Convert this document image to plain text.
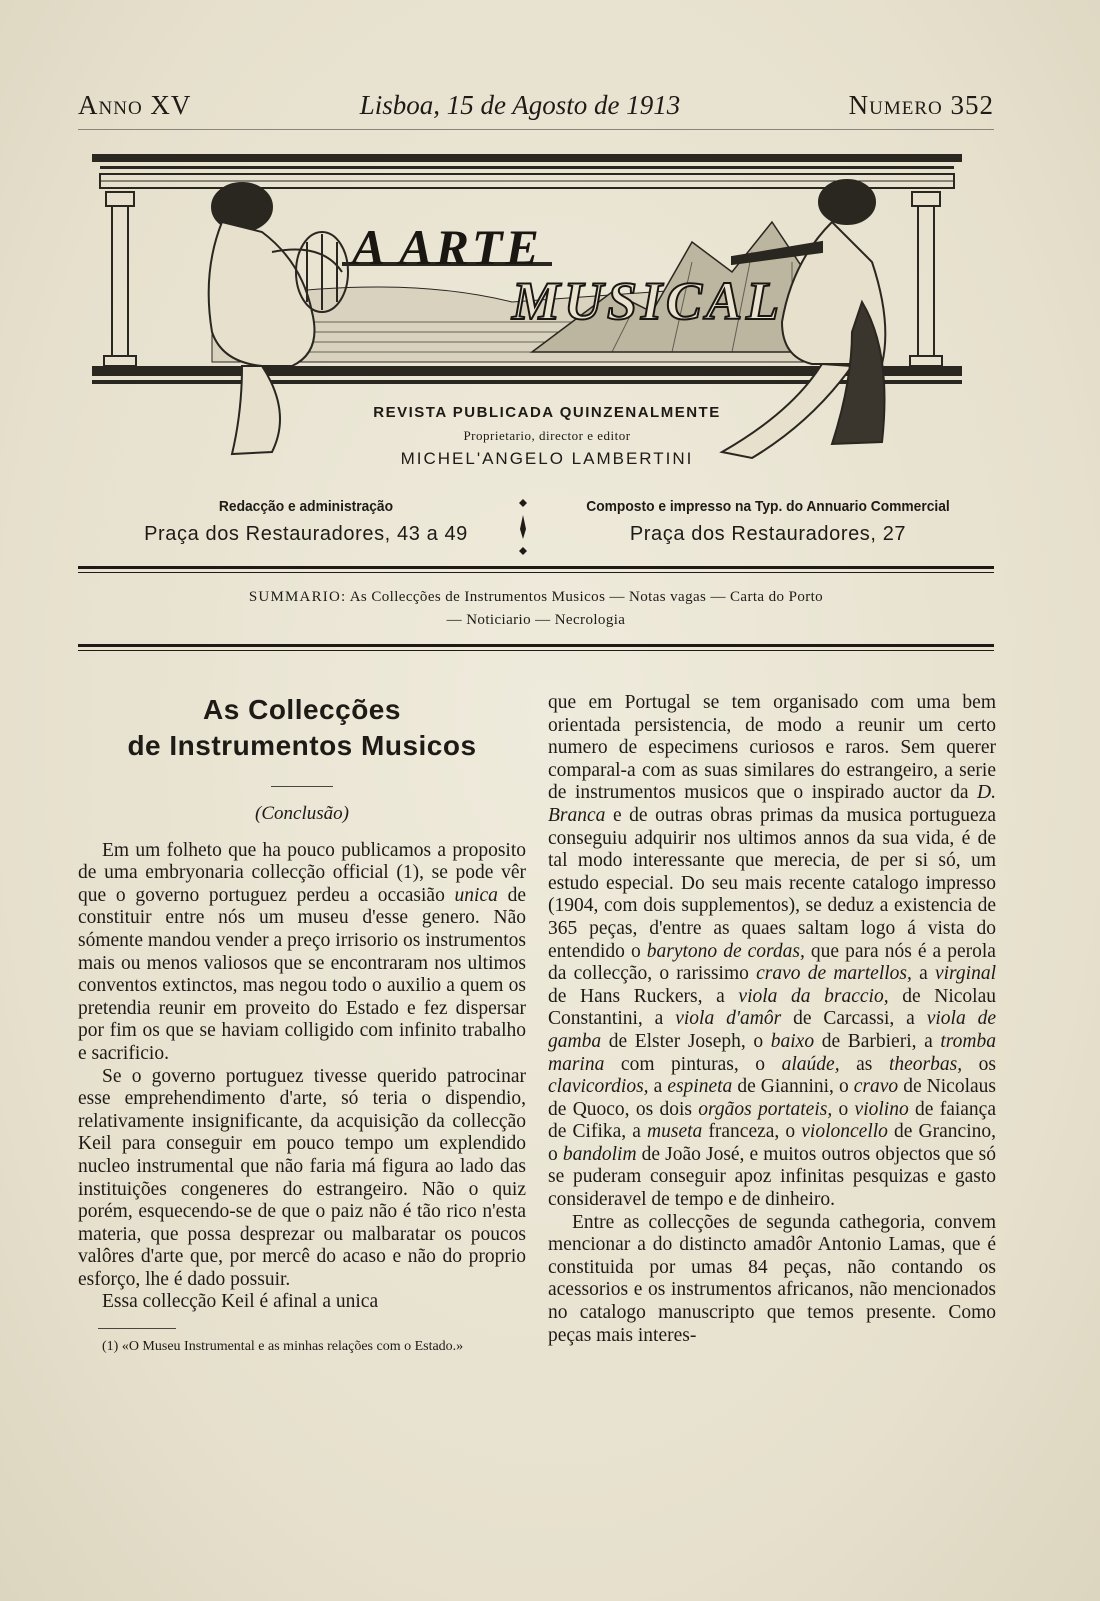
Anno XV	Lisboa, 15 de Agosto de 1913	Numero 352
A ARTE
MUSICAL
REVISTA PUBLICADA QUINZENALMENTE
Proprietario, director e editor
MICHEL'ANGELO LAMBERTINI
Redacção e administração
Praça dos Restauradores, 43 a 49
Composto e impresso na Typ. do Annuario Commercial
Praça dos Restauradores, 27
SUMMARIO: As Collecções de Instrumentos Musicos — Notas vagas — Carta do Porto
— Noticiario — Necrologia
As Collecções
de Instrumentos Musicos
(Conclusão)

Em um folheto que ha pouco publicamos a proposito de uma embryonaria collecção official (1), se pode vêr que o governo portuguez perdeu a occasião unica de constituir entre nós um museu d'esse genero. Não sómente mandou vender a preço irrisorio os instrumentos mais ou menos valiosos que se encontraram nos ultimos conventos extinctos, mas negou todo o auxilio a quem os pretendia reunir em proveito do Estado e fez dispersar por fim os que se haviam colligido com infinito trabalho e sacrificio.

Se o governo portuguez tivesse querido patrocinar esse emprehendimento d'arte, só teria o dispendio, relativamente insignificante, da acquisição da collecção Keil para conseguir em pouco tempo um explendido nucleo instrumental que não faria má figura ao lado das instituições congeneres do estrangeiro. Não o quiz porém, esquecendo-se de que o paiz não é tão rico n'esta materia, que possa desprezar ou malbaratar os poucos valôres d'arte que, por mercê do acaso e não do proprio esforço, lhe é dado possuir.

Essa collecção Keil é afinal a unica

(1) «O Museu Instrumental e as minhas relações com o Estado.»

que em Portugal se tem organisado com uma bem orientada persistencia, de modo a reunir um certo numero de especimens curiosos e raros. Sem querer comparal-a com as suas similares do estrangeiro, a serie de instrumentos musicos que o inspirado auctor da D. Branca e de outras obras primas da musica portugueza conseguiu adquirir nos ultimos annos da sua vida, é de tal modo interessante que merecia, de per si só, um estudo especial. Do seu mais recente catalogo impresso (1904, com dois supplementos), se deduz a existencia de 365 peças, d'entre as quaes saltam logo á vista do entendido o barytono de cordas, que para nós é a perola da collecção, o rarissimo cravo de martellos, a virginal de Hans Ruckers, a viola da braccio, de Nicolau Constantini, a viola d'amôr de Carcassi, a viola de gamba de Elster Joseph, o baixo de Barbieri, a tromba marina com pinturas, o alaúde, as theorbas, os clavicordios, a espineta de Giannini, o cravo de Nicolaus de Quoco, os dois orgãos portateis, o violino de faiança de Cifika, a museta franceza, o violoncello de Grancino, o bandolim de João José, e muitos outros objectos que só se puderam conseguir apoz infinitas pesquizas e gasto consideravel de tempo e de dinheiro.

Entre as collecções de segunda cathegoria, convem mencionar a do distincto amadôr Antonio Lamas, que é constituida por umas 84 peças, não contando os acessorios e os instrumentos africanos, não mencionados no catalogo manuscripto que temos presente. Como peças mais interes-
